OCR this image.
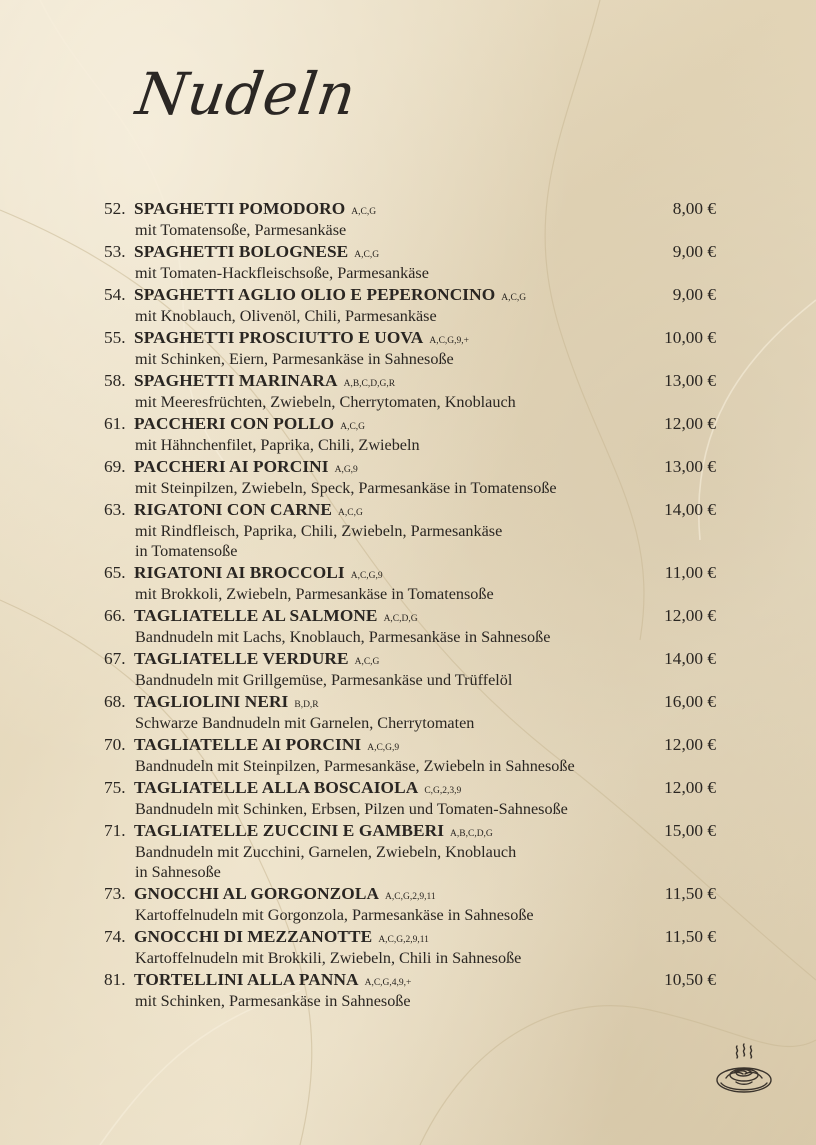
Nudeln
52. SPAGHETTI POMODORO A,C,G	8,00 €
mit Tomatensoße, Parmesankäse
53. SPAGHETTI BOLOGNESE A,C,G	9,00 €
mit Tomaten-Hackfleischsoße, Parmesankäse
54. SPAGHETTI AGLIO OLIO E PEPERONCINO A,C,G	9,00 €
mit Knoblauch, Olivenöl, Chili, Parmesankäse
55. SPAGHETTI PROSCIUTTO E UOVA A,C,G,9,+	10,00 €
mit Schinken, Eiern, Parmesankäse in Sahnesoße
58. SPAGHETTI MARINARA A,B,C,D,G,R	13,00 €
mit Meeresfrüchten, Zwiebeln, Cherrytomaten, Knoblauch
61. PACCHERI CON POLLO A,C,G	12,00 €
mit Hähnchenfilet, Paprika, Chili, Zwiebeln
69. PACCHERI AI PORCINI A,G,9	13,00 €
mit Steinpilzen, Zwiebeln, Speck, Parmesankäse in Tomatensoße
63. RIGATONI CON CARNE A,C,G	14,00 €
mit Rindfleisch, Paprika, Chili, Zwiebeln, Parmesankäse
in Tomatensoße
65. RIGATONI AI BROCCOLI A,C,G,9	11,00 €
mit Brokkoli, Zwiebeln, Parmesankäse in Tomatensoße
66. TAGLIATELLE AL SALMONE A,C,D,G	12,00 €
Bandnudeln mit Lachs, Knoblauch, Parmesankäse in Sahnesoße
67. TAGLIATELLE VERDURE A,C,G	14,00 €
Bandnudeln mit Grillgemüse, Parmesankäse und Trüffelöl
68. TAGLIOLINI NERI B,D,R	16,00 €
Schwarze Bandnudeln mit Garnelen, Cherrytomaten
70. TAGLIATELLE AI PORCINI A,C,G,9	12,00 €
Bandnudeln mit Steinpilzen, Parmesankäse, Zwiebeln in Sahnesoße
75. TAGLIATELLE ALLA BOSCAIOLA C,G,2,3,9	12,00 €
Bandnudeln mit Schinken, Erbsen, Pilzen und Tomaten-Sahnesoße
71. TAGLIATELLE ZUCCINI E GAMBERI A,B,C,D,G	15,00 €
Bandnudeln mit Zucchini, Garnelen, Zwiebeln, Knoblauch
in Sahnesoße
73. GNOCCHI AL GORGONZOLA A,C,G,2,9,11	11,50 €
Kartoffelnudeln mit Gorgonzola, Parmesankäse in Sahnesoße
74. GNOCCHI DI MEZZANOTTE A,C,G,2,9,11	11,50 €
Kartoffelnudeln mit Brokkili, Zwiebeln, Chili in Sahnesoße
81. TORTELLINI ALLA PANNA A,C,G,4,9,+	10,50 €
mit Schinken, Parmesankäse in Sahnesoße
